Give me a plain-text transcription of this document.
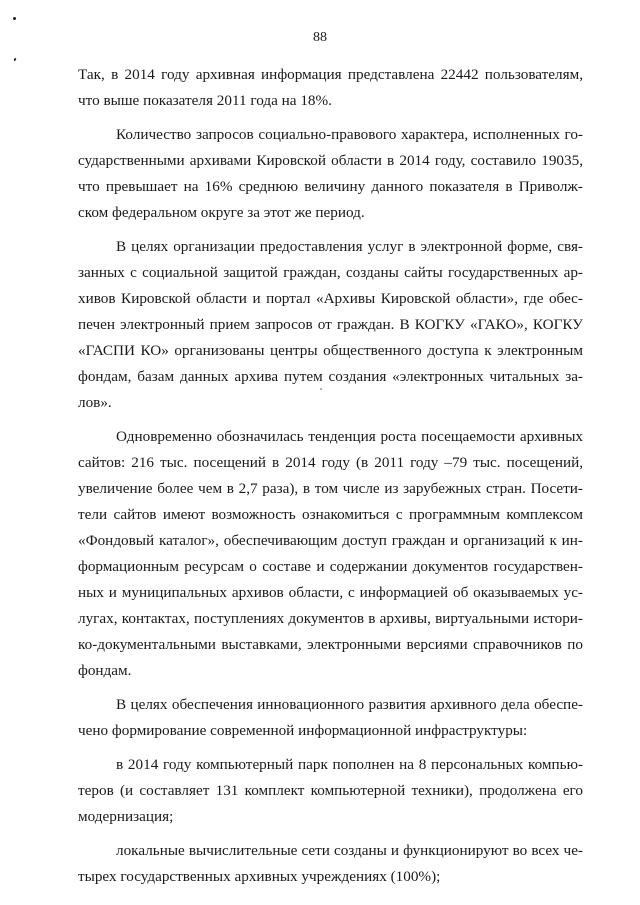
88
Так, в 2014 году архивная информация представлена 22442 пользователям,
что выше показателя 2011 года на 18%.
Количество запросов социально-правового характера, исполненных го-
сударственными архивами Кировской области в 2014 году, составило 19035,
что превышает на 16% среднюю величину данного показателя в Приволж-
ском федеральном округе за этот же период.
В целях организации предоставления услуг в электронной форме, свя-
занных с социальной защитой граждан, созданы сайты государственных ар-
хивов Кировской области и портал «Архивы Кировской области», где обес-
печен электронный прием запросов от граждан. В КОГКУ «ГАКО», КОГКУ
«ГАСПИ КО» организованы центры общественного доступа к электронным
фондам, базам данных архива путем создания «электронных читальных за-
лов».
Одновременно обозначилась тенденция роста посещаемости архивных
сайтов: 216 тыс. посещений в 2014 году (в 2011 году –79 тыс. посещений,
увеличение более чем в 2,7 раза), в том числе из зарубежных стран. Посети-
тели сайтов имеют возможность ознакомиться с программным комплексом
«Фондовый каталог», обеспечивающим доступ граждан и организаций к ин-
формационным ресурсам о составе и содержании документов государствен-
ных и муниципальных архивов области, с информацией об оказываемых ус-
лугах, контактах, поступлениях документов в архивы, виртуальными истори-
ко-документальными выставками, электронными версиями справочников по
фондам.
В целях обеспечения инновационного развития архивного дела обеспе-
чено формирование современной информационной инфраструктуры:
в 2014 году компьютерный парк пополнен на 8 персональных компью-
теров (и составляет 131 комплект компьютерной техники), продолжена его
модернизация;
локальные вычислительные сети созданы и функционируют во всех че-
тырех государственных архивных учреждениях (100%);
